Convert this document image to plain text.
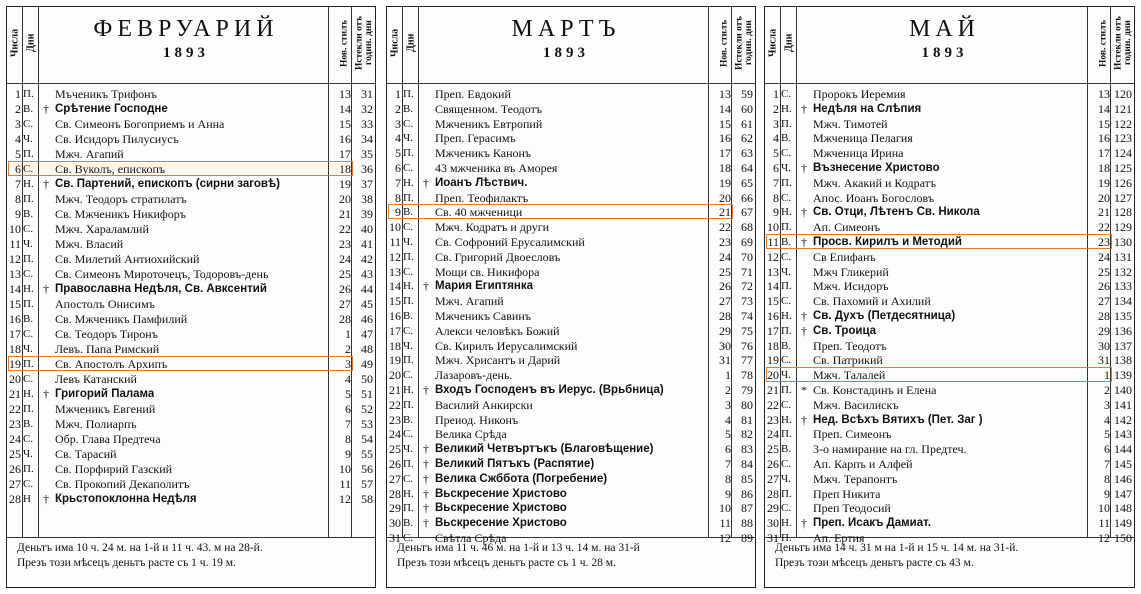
Числа Дни	Нов. стилъ Истекли отъ годин. дни
ФЕВРУАРИЙ
1893
1 П.	Мъченикъ Трифонъ	13 31
2 В. † Срѣтение Господне	14 32
3 С.	Св. Симеонъ Богоприемъ и Анна	15 33
4 Ч.	Св. Исидоръ Пилусиусъ	16 34
5 П.	Мжч. Агапий	17 35
6 С.	Св. Вуколъ, епископъ	18 36
7 Н. † Св. Партений, епископъ (сирни заговѣ)	19 37
8 П.	Мжч. Теодоръ стратилатъ	20 38
9 В.	Св. Мжченикъ Никифоръ	21 39
10 С.	Мжч. Хараламлий	22 40
11 Ч.	Мжч. Власий	23 41
12 П.	Св. Милетий Антиохийский	24 42
13 С.	Св. Симеонъ Мироточецъ, Тодоровъ-день	25 43
14 Н. † Православна Недѣля, Св. Авксентий	26 44
15 П.	Апостолъ Онисимъ	27 45
16 В.	Св. Мжченикъ Памфилий	28 46
17 С.	Св. Теодоръ Тиронъ	1 47
18 Ч.	Левъ. Папа Римский	2 48
19 П.	Св. Апостолъ Архипъ	3 49
20 С.	Левъ Катанский	4 50
21 Н. † Григорий Палама	5 51
22 П.	Мжченикъ Евгений	6 52
23 В.	Мжч. Полиарпъ	7 53
24 С.	Обр. Глава Предтеча	8 54
25 Ч.	Св. Тарасий	9 55
26 П.	Св. Порфирий Газский	10 56
27 С.	Св. Прокопий Декаполитъ	11 57
28 Н	† Крьстопоклонна Недѣля	12 58
Деньтъ има 10 ч. 24 м. на 1-й и 11 ч. 43. м на 28-й.
Презъ този мѣсецъ деньтъ расте съ 1 ч. 19 м.
Числа Дни	Нов. стилъ Истекли отъ годин. дни
МАРТЪ
1893
1 П.	Преп. Евдокий	13 59
2 В.	Священном. Теодотъ	14 60
3 С.	Мжченикъ Евтропий	15 61
4 Ч.	Преп. Герасимъ	16 62
5 П.	Мжченикъ Канонъ	17 63
6 С.	43 мжченика въ Аморея	18 64
7 Н. † Иоанъ Лѣствич.	19 65
8 П.	Преп. Теофилактъ	20 66
9 В.	Св. 40 мжченици	21 67
10 С.	Мжч. Кодратъ и други	22 68
11 Ч.	Св. Софроний Ерусалимский	23 69
12 П.	Св. Григорий Двоесловъ	24 70
13 С.	Мощи св. Никифора	25 71
14 Н. † Мария Египтянка	26 72
15 П.	Мжч. Агапий	27 73
16 В.	Мжченикъ Савинъ	28 74
17 С.	Алекси человѣкъ Божий	29 75
18 Ч.	Св. Кирилъ Иерусалимский	30 76
19 П.	Мжч. Хрисантъ и Дарий	31 77
20 С.	Лазаровъ-день.	1 78
21 Н. † Входъ Господенъ въ Иерус. (Врьбница)	2 79
22 П.	Василий Анкирски	3 80
23 В.	Преиод. Никонъ	4 81
24 С.	Велика Срѣда	5 82
25 Ч. † Великий Четвъртъкъ (Благовѣщение)	6 83
26 П. † Великий Пятъкъ (Распятие)	7 84
27 С. † Велика Сжббота (Погребение)	8 85
28 Н. † Вьскресение Христово	9 86
29 П. † Вьскресение Христово	10 87
30 В. † Вьскресение Христово	11 88
31 С.	Свѣтла Срѣда	12 89
Деньтъ има 11 ч. 46 м. на 1-й и 13 ч. 14 м. на 31-й
Презъ този мѣсецъ деньтъ расте съ 1 ч. 28 м.
Числа Дни	Нов. стилъ Истекли отъ годин. дни
МАЙ
1893
1 С.	Пророкъ Иеремия	13 120
2 Н. † Недѣля на Слѣпия	14 121
3 П.	Мжч. Тимотей	15 122
4 В.	Мжченица Пелагия	16 123
5 С.	Мжченица Ирина	17 124
6 Ч. † Възнесение Христово	18 125
7 П.	Мжч. Акакий и Кодратъ	19 126
8 С.	Апос. Иоанъ Богословъ	20 127
9 Н. † Св. Отци, Лѣтенъ Св. Никола	21 128
10 П.	Ап. Симеонъ	22 129
11 В. † Просв. Кирилъ и Методий	23 130
12 С.	Св Епифанъ	24 131
13 Ч.	Мжч Гликерий	25 132
14 П.	Мжч. Исидоръ	26 133
15 С.	Св. Пахомий и Ахилий	27 134
16 Н. † Св. Духъ (Петдесятница)	28 135
17 П. † Св. Троица	29 136
18 В.	Преп. Теодотъ	30 137
19 С.	Св. Патрикий	31 138
20 Ч.	Мжч. Талалей	1 139
21 П. * Св. Констадинъ и Елена	2 140
22 С.	Мжч. Василискъ	3 141
23 Н. † Нед. Всѣхъ Вятихъ (Пет. Заг )	4 142
24 П.	Преп. Симеонъ	5 143
25 В.	3-о намирание на гл. Предтеч.	6 144
26 С.	Ап. Карпъ и Алфей	7 145
27 Ч.	Мжч. Терапонтъ	8 146
28 П.	Преп Никита	9 147
29 С.	Преп Теодосий	10 148
30 Н. † Преп. Исакъ Дамиат.	11 149
31 П.	Ап. Ертия	12 150
Деньтъ има 14 ч. 31 м на 1-й и 15 ч. 14 м. на 31-й.
Презъ този мѣсецъ деньтъ расте съ 43 м.
